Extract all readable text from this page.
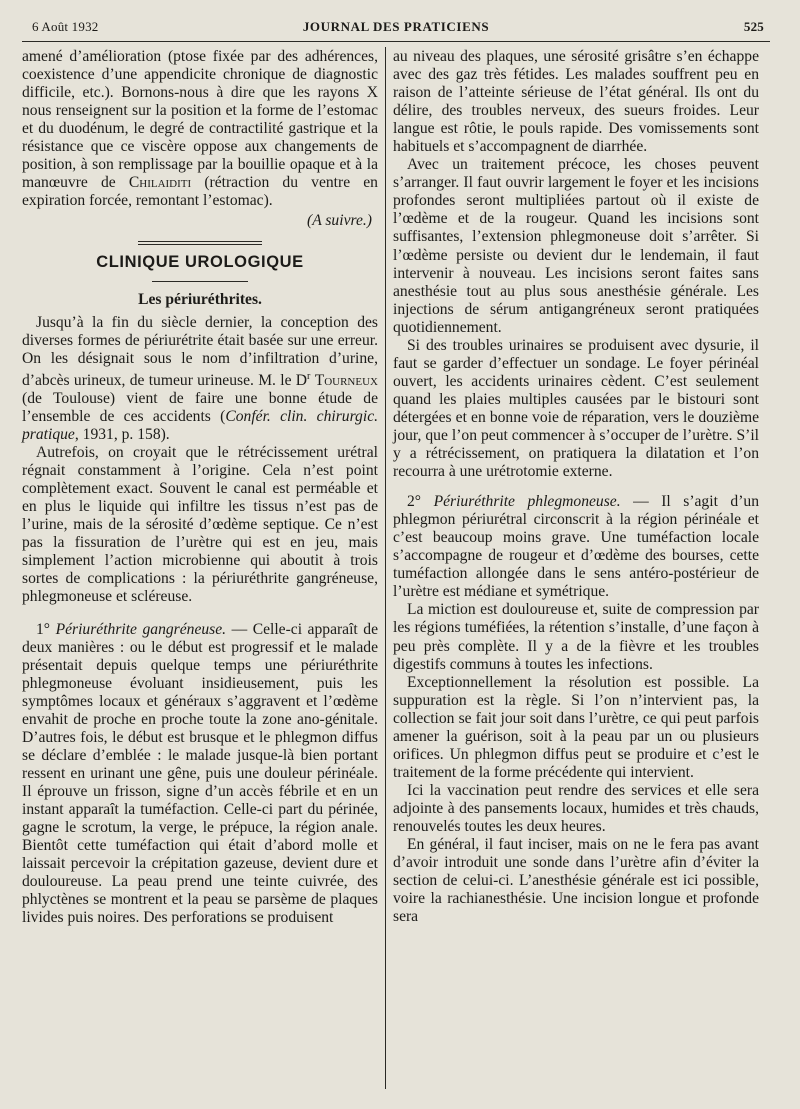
6 Août 1932	JOURNAL DES PRATICIENS	525

amené d’amélioration (ptose fixée par des adhérences, coexistence d’une appendicite chronique de diagnostic difficile, etc.). Bornons-nous à dire que les rayons X nous renseignent sur la position et la forme de l’estomac et du duodénum, le degré de contractilité gastrique et la résistance que ce viscère oppose aux changements de position, à son remplissage par la bouillie opaque et à la manœuvre de Chilaiditi (rétraction du ventre en expiration forcée, remontant l’estomac).

(A suivre.)

CLINIQUE UROLOGIQUE
Les périuréthrites.

Jusqu’à la fin du siècle dernier, la conception des diverses formes de périurétrite était basée sur une erreur. On les désignait sous le nom d’infiltration d’urine, d’abcès urineux, de tumeur urineuse. M. le $D^r$ Tourneux (de Toulouse) vient de faire une bonne étude de l’ensemble de ces accidents (Confér. clin. chirurgic. pratique, 1931, p. 158).

Autrefois, on croyait que le rétrécissement urétral régnait constamment à l’origine. Cela n’est point complètement exact. Souvent le canal est perméable et en plus le liquide qui infiltre les tissus n’est pas de l’urine, mais de la sérosité d’œdème septique. Ce n’est pas la fissuration de l’urètre qui est en jeu, mais simplement l’action microbienne qui aboutit à trois sortes de complications : la périuréthrite gangréneuse, phlegmoneuse et scléreuse.

1° Périuréthrite gangréneuse. — Celle-ci apparaît de deux manières : ou le début est progressif et le malade présentait depuis quelque temps une périuréthrite phlegmoneuse évoluant insidieusement, puis les symptômes locaux et généraux s’aggravent et l’œdème envahit de proche en proche toute la zone ano-génitale. D’autres fois, le début est brusque et le phlegmon diffus se déclare d’emblée : le malade jusque-là bien portant ressent en urinant une gêne, puis une douleur périnéale. Il éprouve un frisson, signe d’un accès fébrile et en un instant apparaît la tuméfaction. Celle-ci part du périnée, gagne le scrotum, la verge, le prépuce, la région anale. Bientôt cette tuméfaction qui était d’abord molle et laissait percevoir la crépitation gazeuse, devient dure et douloureuse. La peau prend une teinte cuivrée, des phlyctènes se montrent et la peau se parsème de plaques livides puis noires. Des perforations se produisent

au niveau des plaques, une sérosité grisâtre s’en échappe avec des gaz très fétides. Les malades souffrent peu en raison de l’atteinte sérieuse de l’état général. Ils ont du délire, des troubles nerveux, des sueurs froides. Leur langue est rôtie, le pouls rapide. Des vomissements sont habituels et s’accompagnent de diarrhée.

Avec un traitement précoce, les choses peuvent s’arranger. Il faut ouvrir largement le foyer et les incisions profondes seront multipliées partout où il existe de l’œdème et de la rougeur. Quand les incisions sont suffisantes, l’extension phlegmoneuse doit s’arrêter. Si l’œdème persiste ou devient dur le lendemain, il faut intervenir à nouveau. Les incisions seront faites sans anesthésie tout au plus sous anesthésie générale. Les injections de sérum antigangréneux seront pratiquées quotidiennement.

Si des troubles urinaires se produisent avec dysurie, il faut se garder d’effectuer un sondage. Le foyer périnéal ouvert, les accidents urinaires cèdent. C’est seulement quand les plaies multiples causées par le bistouri sont détergées et en bonne voie de réparation, vers le douzième jour, que l’on peut commencer à s’occuper de l’urètre. S’il y a rétrécissement, on pratiquera la dilatation et l’on recourra à une urétrotomie externe.

2° Périuréthrite phlegmoneuse. — Il s’agit d’un phlegmon périurétral circonscrit à la région périnéale et c’est beaucoup moins grave. Une tuméfaction locale s’accompagne de rougeur et d’œdème des bourses, cette tuméfaction allongée dans le sens antéro-postérieur de l’urètre est médiane et symétrique.

La miction est douloureuse et, suite de compression par les régions tuméfiées, la rétention s’installe, d’une façon à peu près complète. Il y a de la fièvre et les troubles digestifs communs à toutes les infections.

Exceptionnellement la résolution est possible. La suppuration est la règle. Si l’on n’intervient pas, la collection se fait jour soit dans l’urètre, ce qui peut parfois amener la guérison, soit à la peau par un ou plusieurs orifices. Un phlegmon diffus peut se produire et c’est le traitement de la forme précédente qui intervient.

Ici la vaccination peut rendre des services et elle sera adjointe à des pansements locaux, humides et très chauds, renouvelés toutes les deux heures.

En général, il faut inciser, mais on ne le fera pas avant d’avoir introduit une sonde dans l’urètre afin d’éviter la section de celui-ci. L’anesthésie générale est ici possible, voire la rachianesthésie. Une incision longue et profonde sera
